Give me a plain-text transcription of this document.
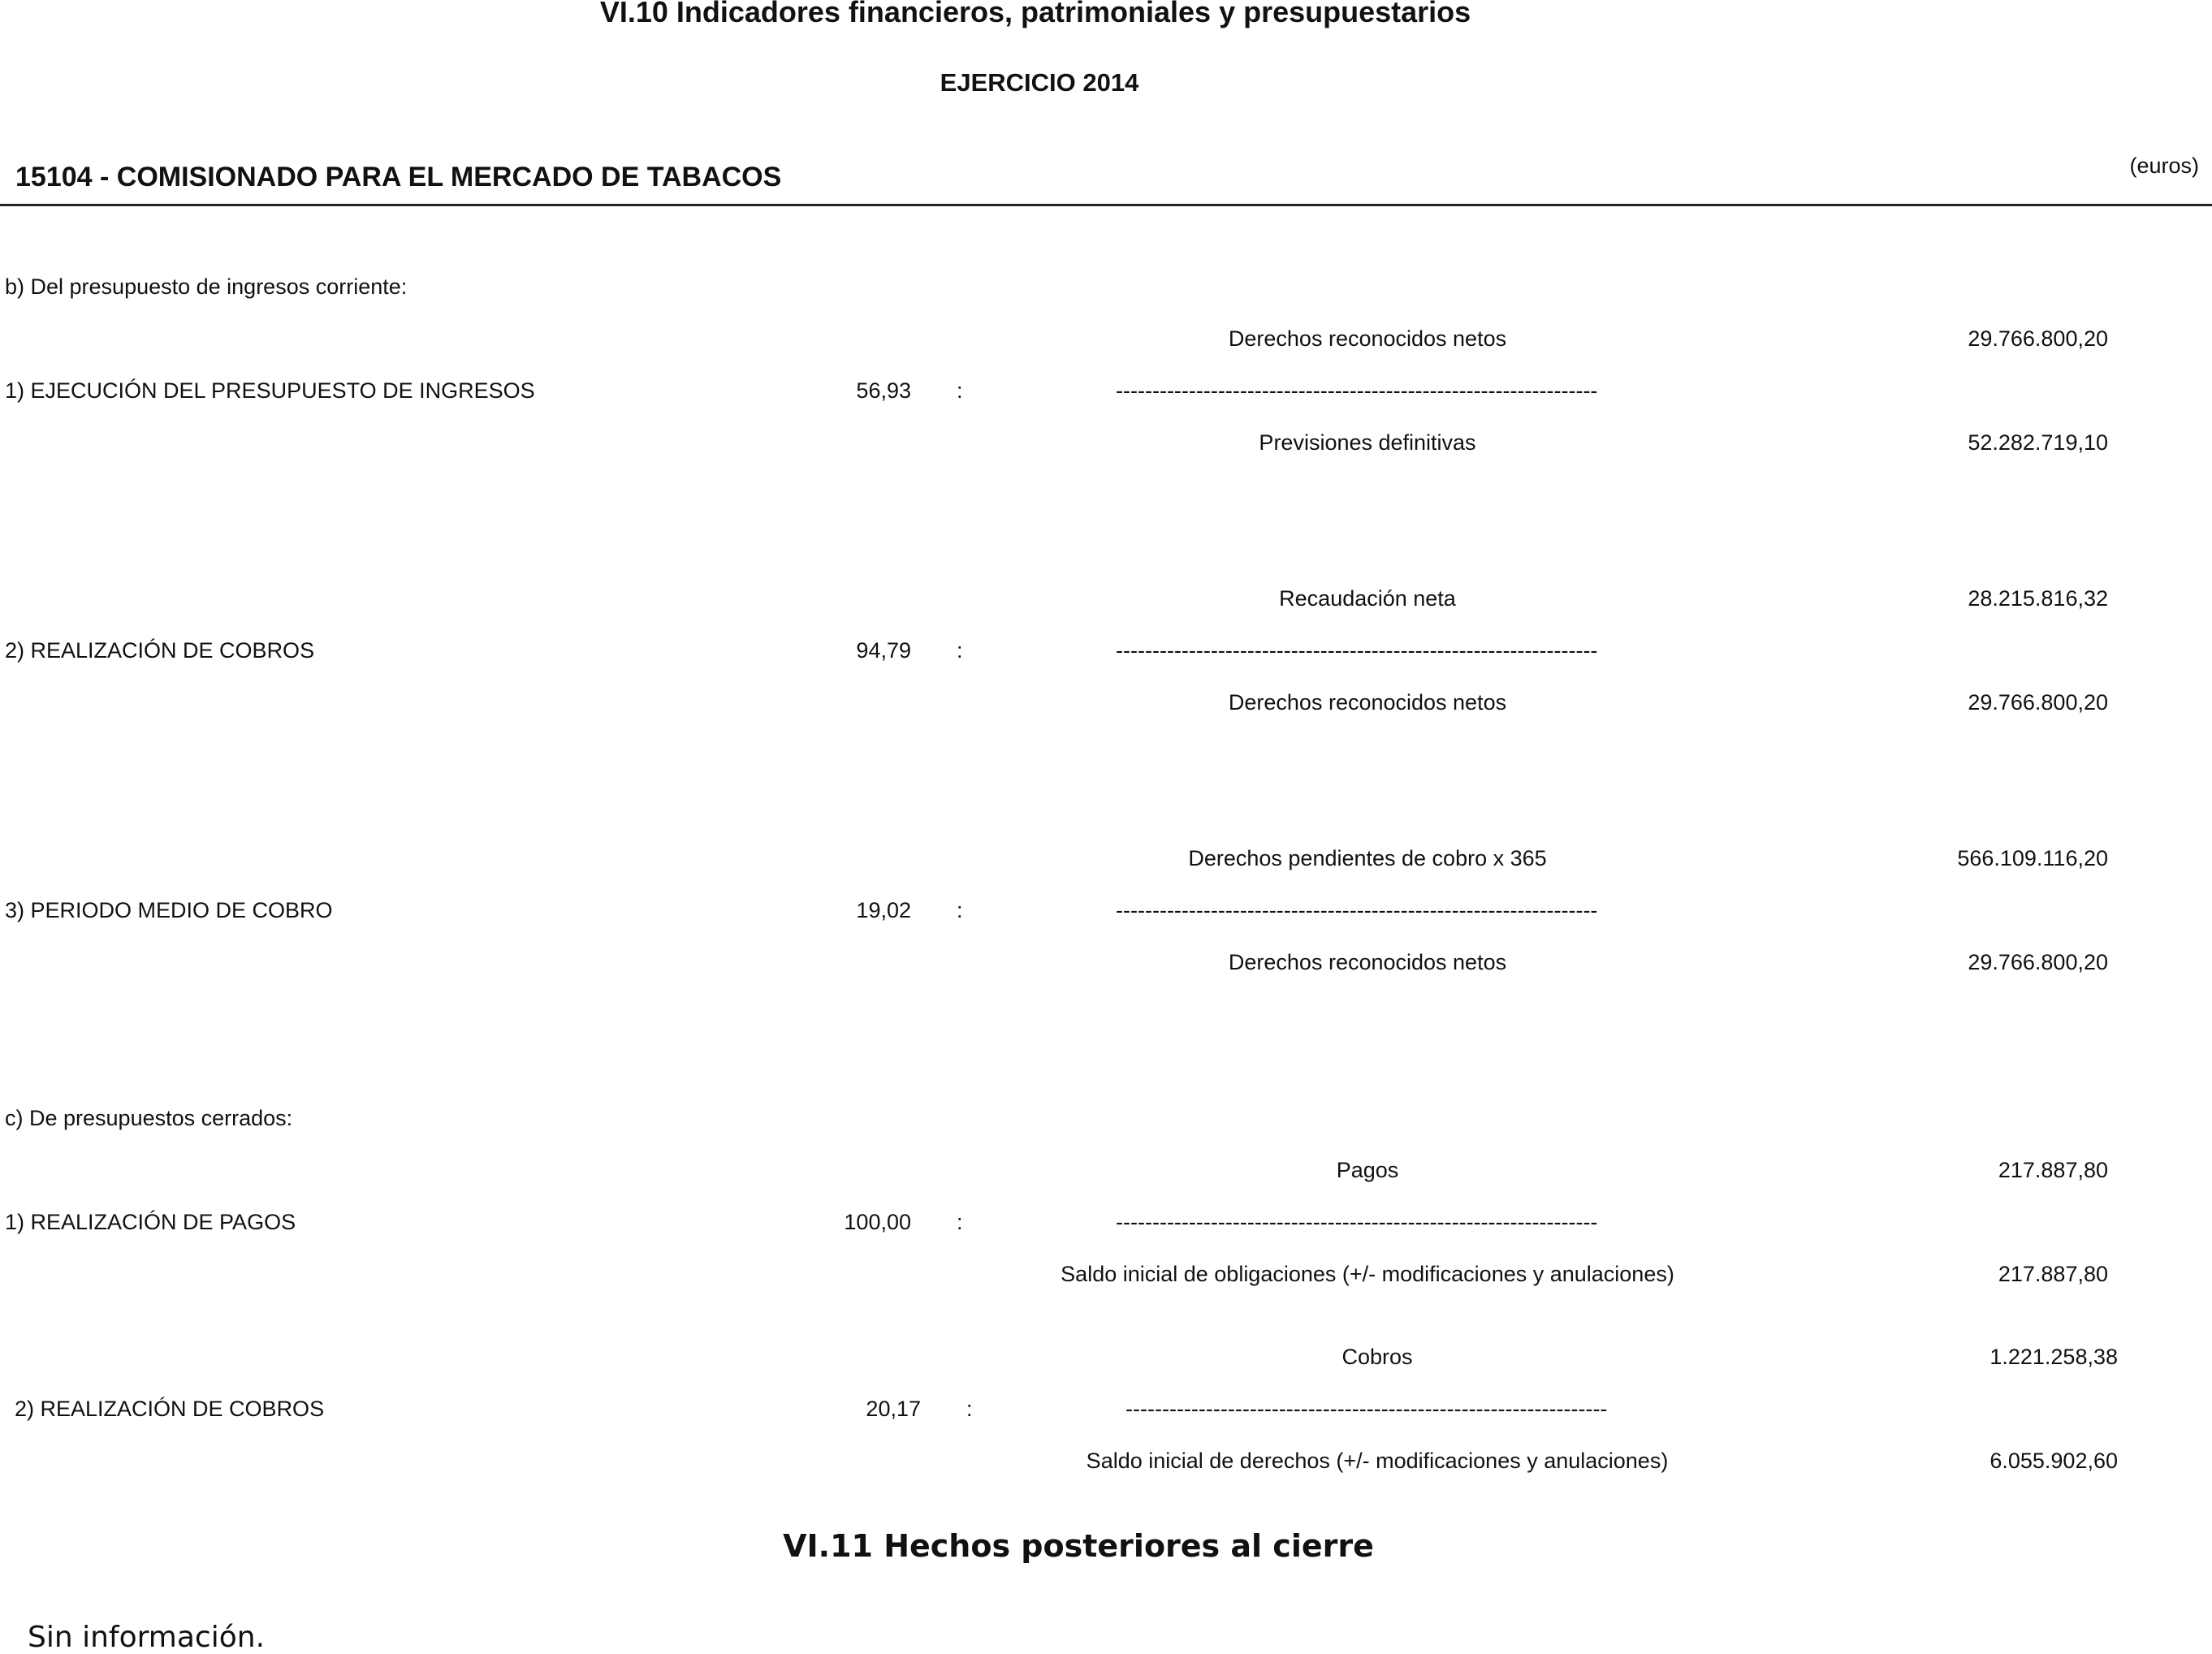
VI.10 Indicadores financieros, patrimoniales y presupuestarios
EJERCICIO 2014
15104 - COMISIONADO PARA EL MERCADO DE TABACOS	(euros)
b) Del presupuesto de ingresos corriente:
Derechos reconocidos netos	29.766.800,20
1) EJECUCIÓN DEL PRESUPUESTO DE INGRESOS	56,93 :	------------------------------------------------------------------
Previsiones definitivas	52.282.719,10
Recaudación neta	28.215.816,32
2) REALIZACIÓN DE COBROS	94,79 :	------------------------------------------------------------------
Derechos reconocidos netos	29.766.800,20
Derechos pendientes de cobro x 365	566.109.116,20
3) PERIODO MEDIO DE COBRO	19,02 :	------------------------------------------------------------------
Derechos reconocidos netos	29.766.800,20
c) De presupuestos cerrados:
Pagos	217.887,80
1) REALIZACIÓN DE PAGOS	100,00 :	------------------------------------------------------------------
Saldo inicial de obligaciones (+/- modificaciones y anulaciones)	217.887,80
Cobros	1.221.258,38
2) REALIZACIÓN DE COBROS	20,17 :	------------------------------------------------------------------
Saldo inicial de derechos (+/- modificaciones y anulaciones)	6.055.902,60
VI.11 Hechos posteriores al cierre
Sin información.
